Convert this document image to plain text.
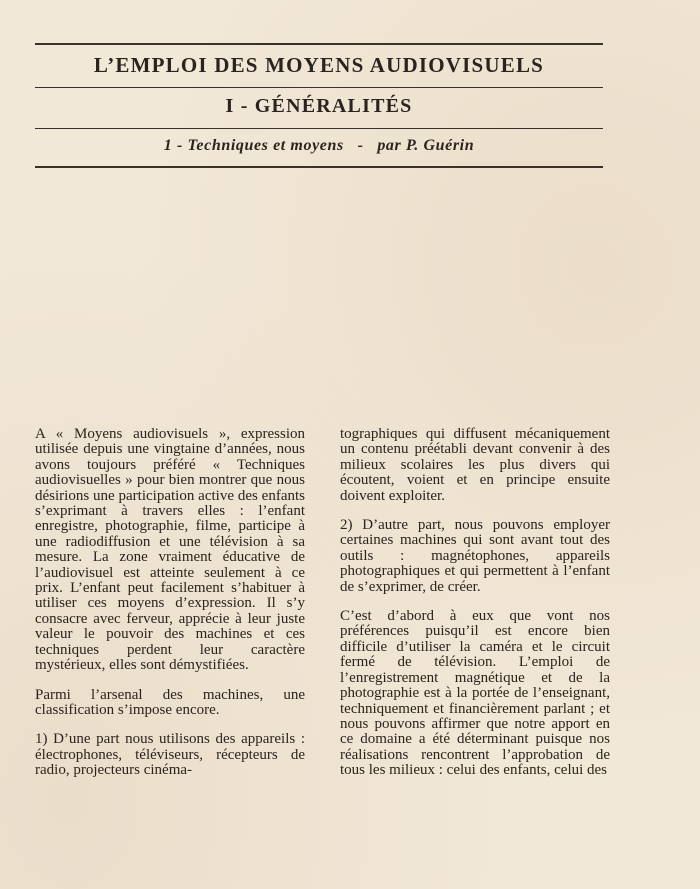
L’EMPLOI DES MOYENS AUDIOVISUELS
I - GÉNÉRALITÉS
1 - Techniques et moyens   -   par P. Guérin

A « Moyens audiovisuels », expression utilisée depuis une vingtaine d’années, nous avons toujours préféré « Techniques audiovisuelles » pour bien montrer que nous désirions une participation active des enfants s’exprimant à travers elles : l’enfant enregistre, photographie, filme, participe à une radiodiffusion et une télévision à sa mesure. La zone vraiment éducative de l’audiovisuel est atteinte seulement à ce prix. L’enfant peut facilement s’habituer à utiliser ces moyens d’expression. Il s’y consacre avec ferveur, apprécie à leur juste valeur le pouvoir des machines et ces techniques perdent leur caractère mystérieux, elles sont démystifiées.

Parmi l’arsenal des machines, une classification s’impose encore.

1) D’une part nous utilisons des appareils : électrophones, téléviseurs, récepteurs de radio, projecteurs cinéma-

tographiques qui diffusent mécaniquement un contenu préétabli devant convenir à des milieux scolaires les plus divers qui écoutent, voient et en principe ensuite doivent exploiter.

2) D’autre part, nous pouvons employer certaines machines qui sont avant tout des outils : magnétophones, appareils photographiques et qui permettent à l’enfant de s’exprimer, de créer.

C’est d’abord à eux que vont nos préférences puisqu’il est encore bien difficile d’utiliser la caméra et le circuit fermé de télévision. L’emploi de l’enregistrement magnétique et de la photographie est à la portée de l’enseignant, techniquement et financièrement parlant ; et nous pouvons affirmer que notre apport en ce domaine a été déterminant puisque nos réalisations rencontrent l’approbation de tous les milieux : celui des enfants, celui des
